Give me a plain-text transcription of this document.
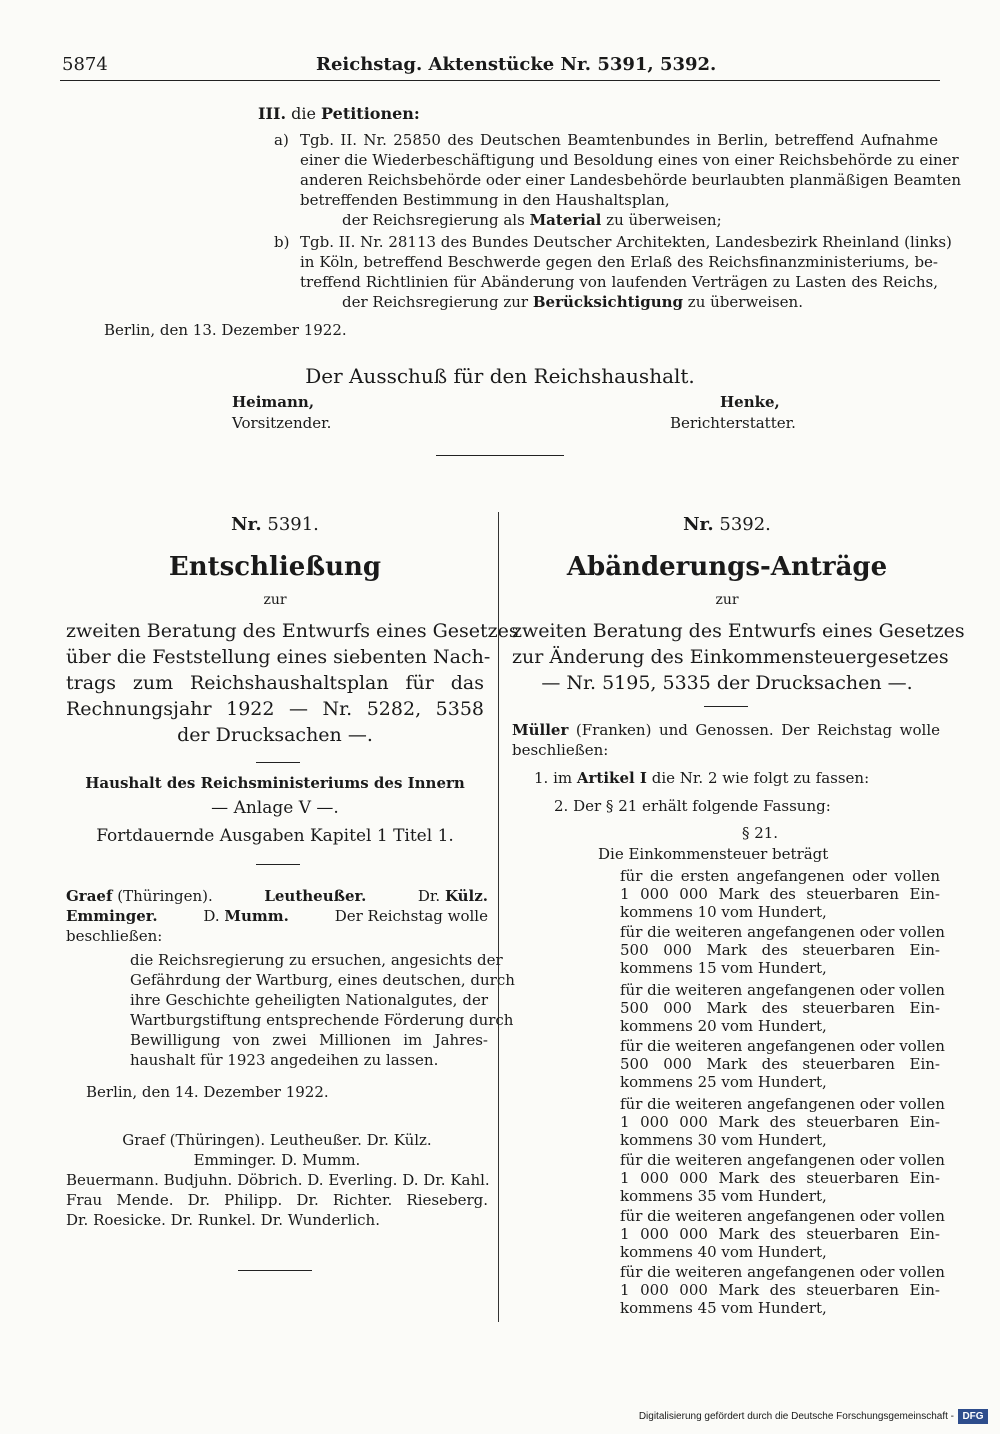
5874	Reichstag. Aktenstücke Nr. 5391, 5392.
III. die Petitionen:
a) Tgb. II. Nr. 25850 des Deutschen Beamtenbundes in Berlin, betreffend Aufnahme
einer die Wiederbeschäftigung und Besoldung eines von einer Reichsbehörde zu einer
anderen Reichsbehörde oder einer Landesbehörde beurlaubten planmäßigen Beamten
betreffenden Bestimmung in den Haushaltsplan,
der Reichsregierung als Material zu überweisen;
b) Tgb. II. Nr. 28113 des Bundes Deutscher Architekten, Landesbezirk Rheinland (links)
in Köln, betreffend Beschwerde gegen den Erlaß des Reichsfinanzministeriums, be-
treffend Richtlinien für Abänderung von laufenden Verträgen zu Lasten des Reichs,
der Reichsregierung zur Berücksichtigung zu überweisen.
Berlin, den 13. Dezember 1922.
Der Ausschuß für den Reichshaushalt.
Heimann,
Vorsitzender.
Henke,
Berichterstatter.
Nr. 5391.
Entschließung
zur
zweiten Beratung des Entwurfs eines Gesetzes
über die Feststellung eines siebenten Nach-
trags zum Reichshaushaltsplan für das
Rechnungsjahr 1922 — Nr. 5282, 5358
der Drucksachen —.
Haushalt des Reichsministeriums des Innern
— Anlage V —.
Fortdauernde Ausgaben Kapitel 1 Titel 1.
Graef (Thüringen).	Leutheußer.	Dr. Külz.
Emminger.	D. Mumm.	Der Reichstag wolle
beschließen:
die Reichsregierung zu ersuchen, angesichts der
Gefährdung der Wartburg, eines deutschen, durch
ihre Geschichte geheiligten Nationalgutes, der
Wartburgstiftung entsprechende Förderung durch
Bewilligung von zwei Millionen im Jahres-
haushalt für 1923 angedeihen zu lassen.
Berlin, den 14. Dezember 1922.
Graef (Thüringen). Leutheußer. Dr. Külz.
Emminger. D. Mumm.
Beuermann. Budjuhn. Döbrich. D. Everling. D. Dr. Kahl.
Frau Mende. Dr. Philipp. Dr. Richter. Rieseberg.
Dr. Roesicke. Dr. Runkel. Dr. Wunderlich.
Nr. 5392.
Abänderungs-Anträge
zur
zweiten Beratung des Entwurfs eines Gesetzes
zur Änderung des Einkommensteuergesetzes
— Nr. 5195, 5335 der Drucksachen —.
Müller (Franken) und Genossen. Der Reichstag wolle
beschließen:
1. im Artikel I die Nr. 2 wie folgt zu fassen:
2. Der § 21 erhält folgende Fassung:
§ 21.
Die Einkommensteuer beträgt
für die ersten angefangenen oder vollen
1 000 000 Mark des steuerbaren Ein-
kommens 10 vom Hundert,
für die weiteren angefangenen oder vollen
500 000 Mark des steuerbaren Ein-
kommens 15 vom Hundert,
für die weiteren angefangenen oder vollen
500 000 Mark des steuerbaren Ein-
kommens 20 vom Hundert,
für die weiteren angefangenen oder vollen
500 000 Mark des steuerbaren Ein-
kommens 25 vom Hundert,
für die weiteren angefangenen oder vollen
1 000 000 Mark des steuerbaren Ein-
kommens 30 vom Hundert,
für die weiteren angefangenen oder vollen
1 000 000 Mark des steuerbaren Ein-
kommens 35 vom Hundert,
für die weiteren angefangenen oder vollen
1 000 000 Mark des steuerbaren Ein-
kommens 40 vom Hundert,
für die weiteren angefangenen oder vollen
1 000 000 Mark des steuerbaren Ein-
kommens 45 vom Hundert,
Digitalisierung gefördert durch die Deutsche Forschungsgemeinschaft - DFG
